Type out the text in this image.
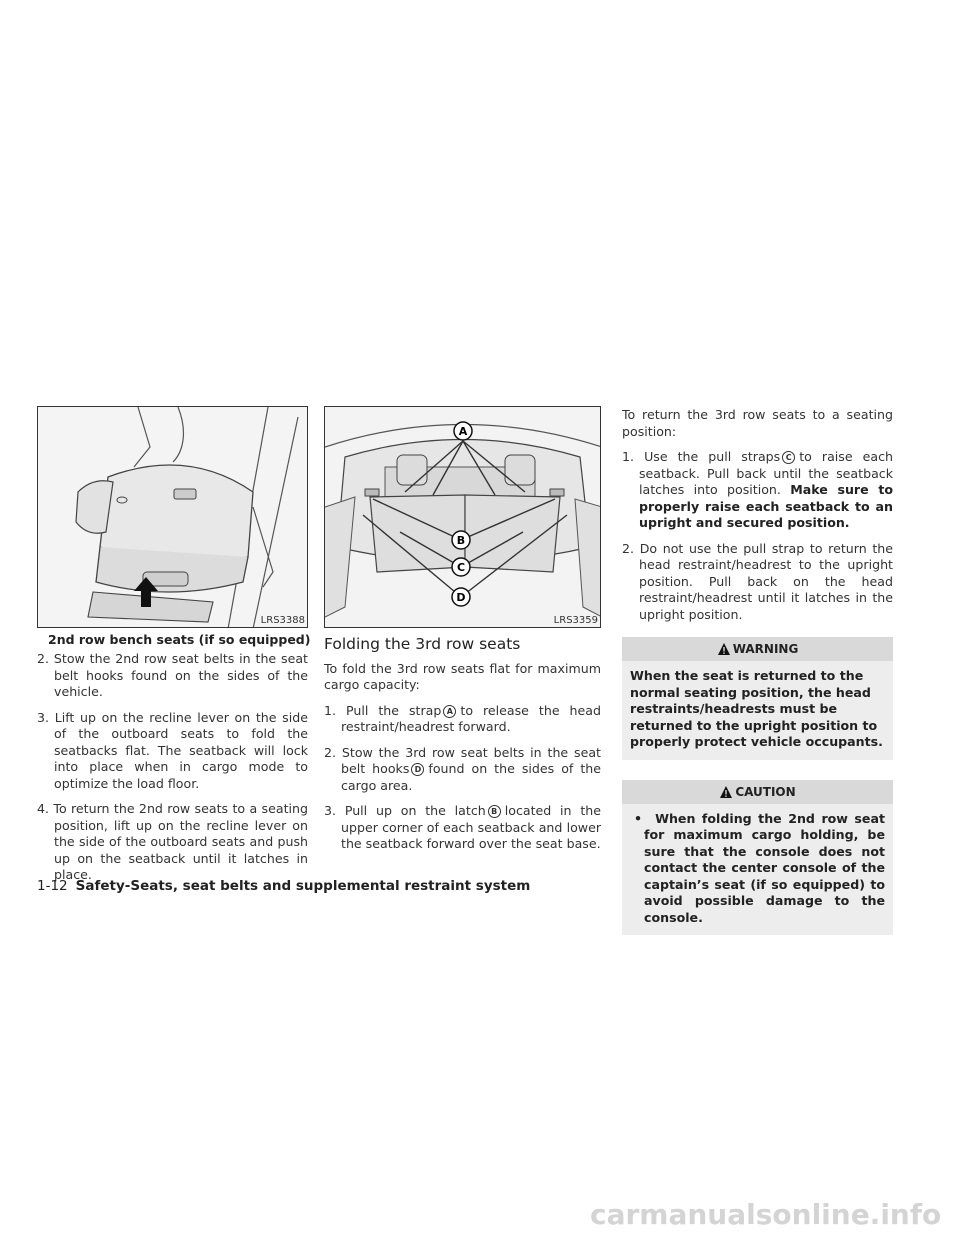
LRS3388
2nd row bench seats (if so equipped)
A
B
C
D
LRS3359
2. Stow the 2nd row seat belts in the seat belt hooks found on the sides of the vehicle.
3. Lift up on the recline lever on the side of the outboard seats to fold the seatbacks flat. The seatback will lock into place when in cargo mode to optimize the load floor.
4. To return the 2nd row seats to a seating position, lift up on the recline lever on the side of the outboard seats and push up on the seatback until it latches in place.
Folding the 3rd row seats

To fold the 3rd row seats flat for maximum cargo capacity:

1. Pull the strap A to release the head restraint/headrest forward.
2. Stow the 3rd row seat belts in the seat belt hooks D found on the sides of the cargo area.
3. Pull up on the latch B located in the upper corner of each seatback and lower the seatback forward over the seat base.

To return the 3rd row seats to a seating position:

1. Use the pull straps C to raise each seatback. Pull back until the seatback latches into position. Make sure to properly raise each seatback to an upright and secured position.
2. Do not use the pull strap to return the head restraint/headrest to the upright position. Pull back on the head restraint/headrest until it latches in the upright position.
WARNING
When the seat is returned to the normal seating position, the head restraints/headrests must be returned to the upright position to properly protect vehicle occupants.
CAUTION
• When folding the 2nd row seat for maximum cargo holding, be sure that the console does not contact the center console of the captain’s seat (if so equipped) to avoid possible damage to the console.
1-12 Safety-Seats, seat belts and supplemental restraint system
carmanualsonline.info
